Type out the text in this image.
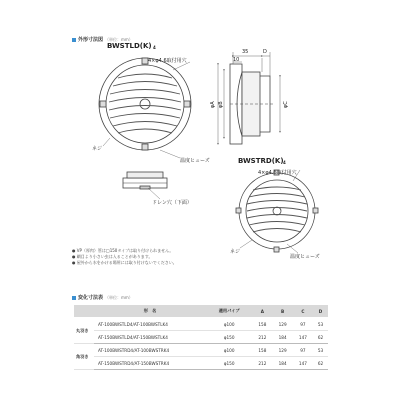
外形寸法図 （単位：mm）
BWSTLD(K) 4
4×φ4.6取付用穴
35	D
10
φA φB	φC
ネジ
温度ヒューズ	BWSTRD(K) 4
4×φ4.6取付用穴
ドレン穴（下面）
ネジ
温度ヒューズ
● VP（厚肉）管は□150タイプは取り付けられません。
● 網目より小さい虫は入ることがあります。
● 屋外から水をかける場所には取り付けないでください。
変化寸法表 （単位：mm）
	形　名	適用パイプ	A	B	C	D
丸羽き	AT-100BWSTLD4/AT-100BWSTLK4	φ100	158	129	97	53
	AT-150BWSTLD4/AT-150BWSTLK4	φ150	212	184	147	62
角羽き	AT-100BWSTRD4/AT-100BWSTRK4	φ100	158	129	97	53
	AT-150BWSTRD4/AT-150BWSTRK4	φ150	212	184	147	62
